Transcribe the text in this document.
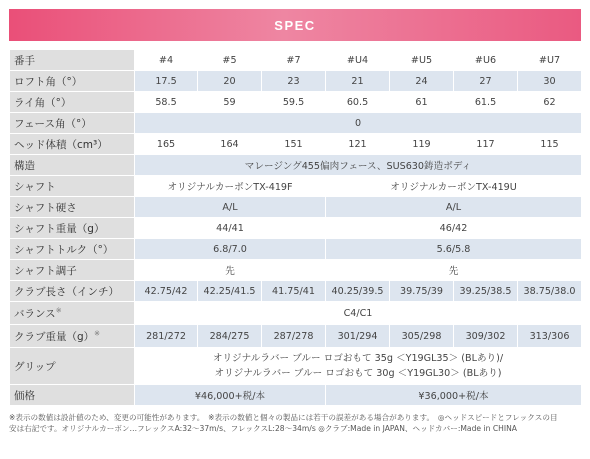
SPEC
番手	#4	#5	#7	#U4	#U5	#U6	#U7
ロフト角（°）	17.5	20	23	21	24	27	30
ライ角（°）	58.5	59	59.5	60.5	61	61.5	62
フェース角（°）	0						
ヘッド体積（cm³）	165	164	151	121	119	117	115
構造	マレージング455偏肉フェース、SUS630鋳造ボディ						
シャフト	オリジナルカーボンTX-419F			オリジナルカーボンTX-419U			
シャフト硬さ	A/L			A/L			
シャフト重量（g）	44/41			46/42			
シャフトトルク（°）	6.8/7.0			5.6/5.8			
シャフト調子	先			先			
クラブ長さ（インチ）	42.75/42	42.25/41.5	41.75/41	40.25/39.5	39.75/39	39.25/38.5	38.75/38.0
バランス※	C4/C1						
クラブ重量（g）※	281/272	284/275	287/278	301/294	305/298	309/302	313/306
グリップ	オリジナルラバー ブルー ロゴおもて 35g ＜Y19GL35＞ (BLあり)/
オリジナルラバー ブルー ロゴおもて 30g ＜Y19GL30＞ (BLあり)						

価格	¥46,000+税/本			¥36,000+税/本			
※表示の数値は設計値のため、変更の可能性があります。　※表示の数値と個々の製品には若干の誤差がある場合があります。　◎ヘッドスピードとフレックスの目
安は右記です。オリジナルカーボン…フレックスA:32～37m/s、フレックスL:28～34m/s ◎クラブ:Made in JAPAN、ヘッドカバー:Made in CHINA
